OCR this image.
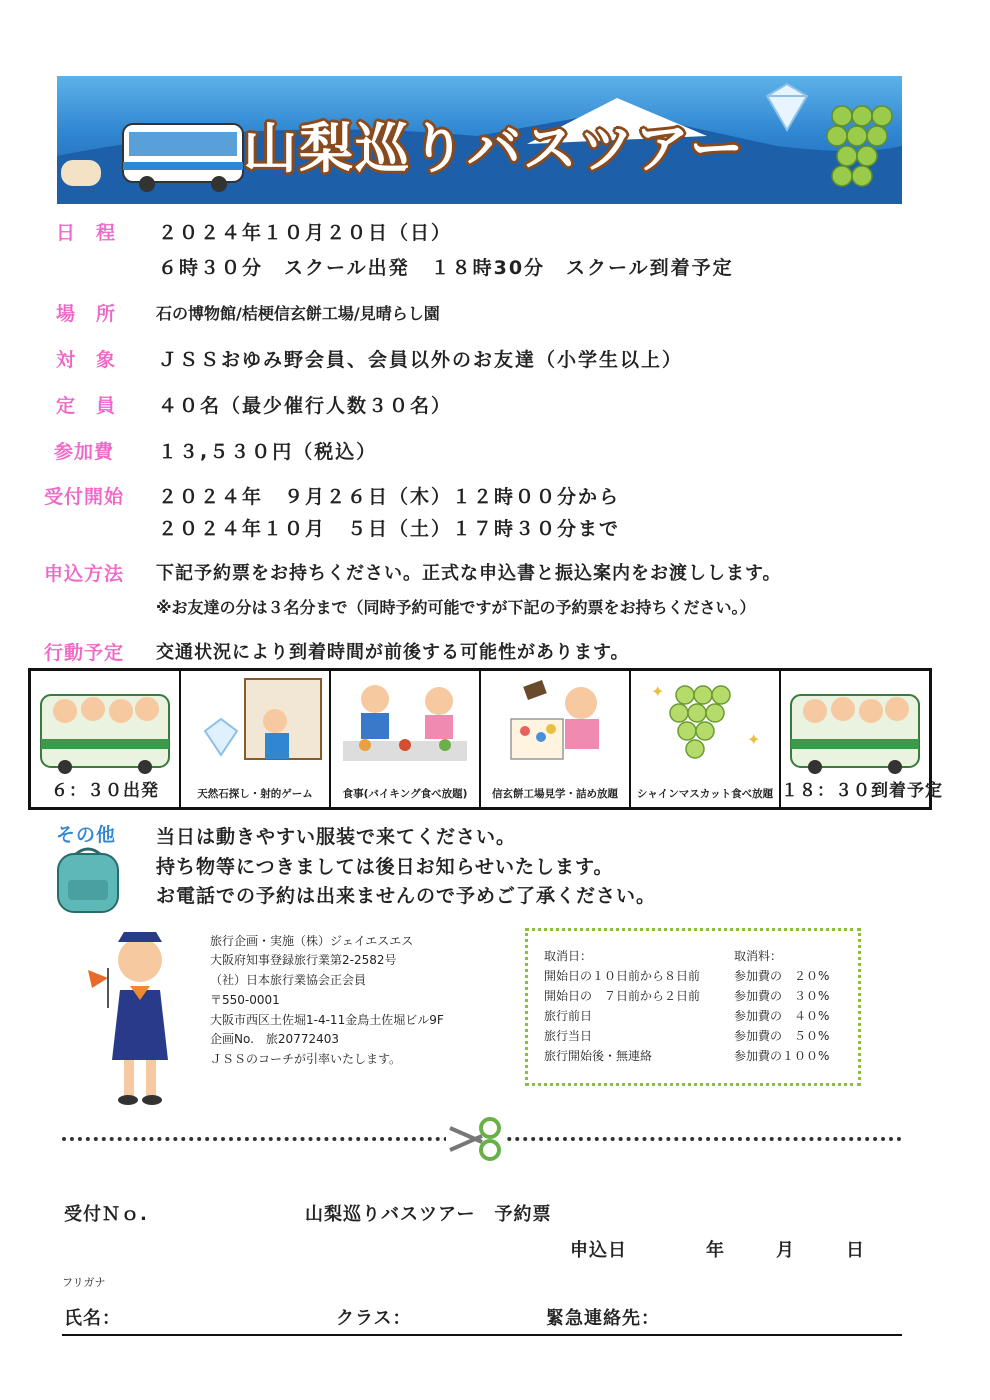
山梨巡りバスツアー
日　程 ２０２４年１０月２０日（日）
６時３０分　スクール出発　１８時30分　スクール到着予定
場　所 石の博物館/桔梗信玄餅工場/見晴らし園
対　象 ＪＳＳおゆみ野会員、会員以外のお友達（小学生以上）
定　員 ４０名（最少催行人数３０名）
参加費 １３,５３０円（税込）
受付開始 ２０２４年　９月２６日（木）１２時００分から
２０２４年１０月　５日（土）１７時３０分まで
申込方法 下記予約票をお持ちください。正式な申込書と振込案内をお渡しします。
※お友達の分は３名分まで（同時予約可能ですが下記の予約票をお持ちください。）
行動予定 交通状況により到着時間が前後する可能性があります。
６：３０出発	天然石探し・射的ゲーム	食事(バイキング食べ放題)	信玄餅工場見学・詰め放題
✦
✦
シャインマスカット食べ放題 １８：３０到着予定
その他 当日は動きやすい服装で来てください。
持ち物等につきましては後日お知らせいたします。
お電話での予約は出来ませんので予めご了承ください。
旅行企画・実施（株）ジェイエスエス
大阪府知事登録旅行業第2-2582号
（社）日本旅行業協会正会員
〒550-0001
大阪市西区土佐堀1-4-11金鳥土佐堀ビル9F
企画No.　旅20772403
ＪＳＳのコーチが引率いたします。
取消日：	取消料：
開始日の１０日前から８日前	参加費の　２０%
開始日の　７日前から２日前	参加費の　３０%
旅行前日	参加費の　４０%
旅行当日	参加費の　５０%
旅行開始後・無連絡	参加費の１００%
受付Ｎｏ.	山梨巡りバスツアー　予約票
申込日	年	月	日
フリガナ
氏名：	クラス：	緊急連絡先：
